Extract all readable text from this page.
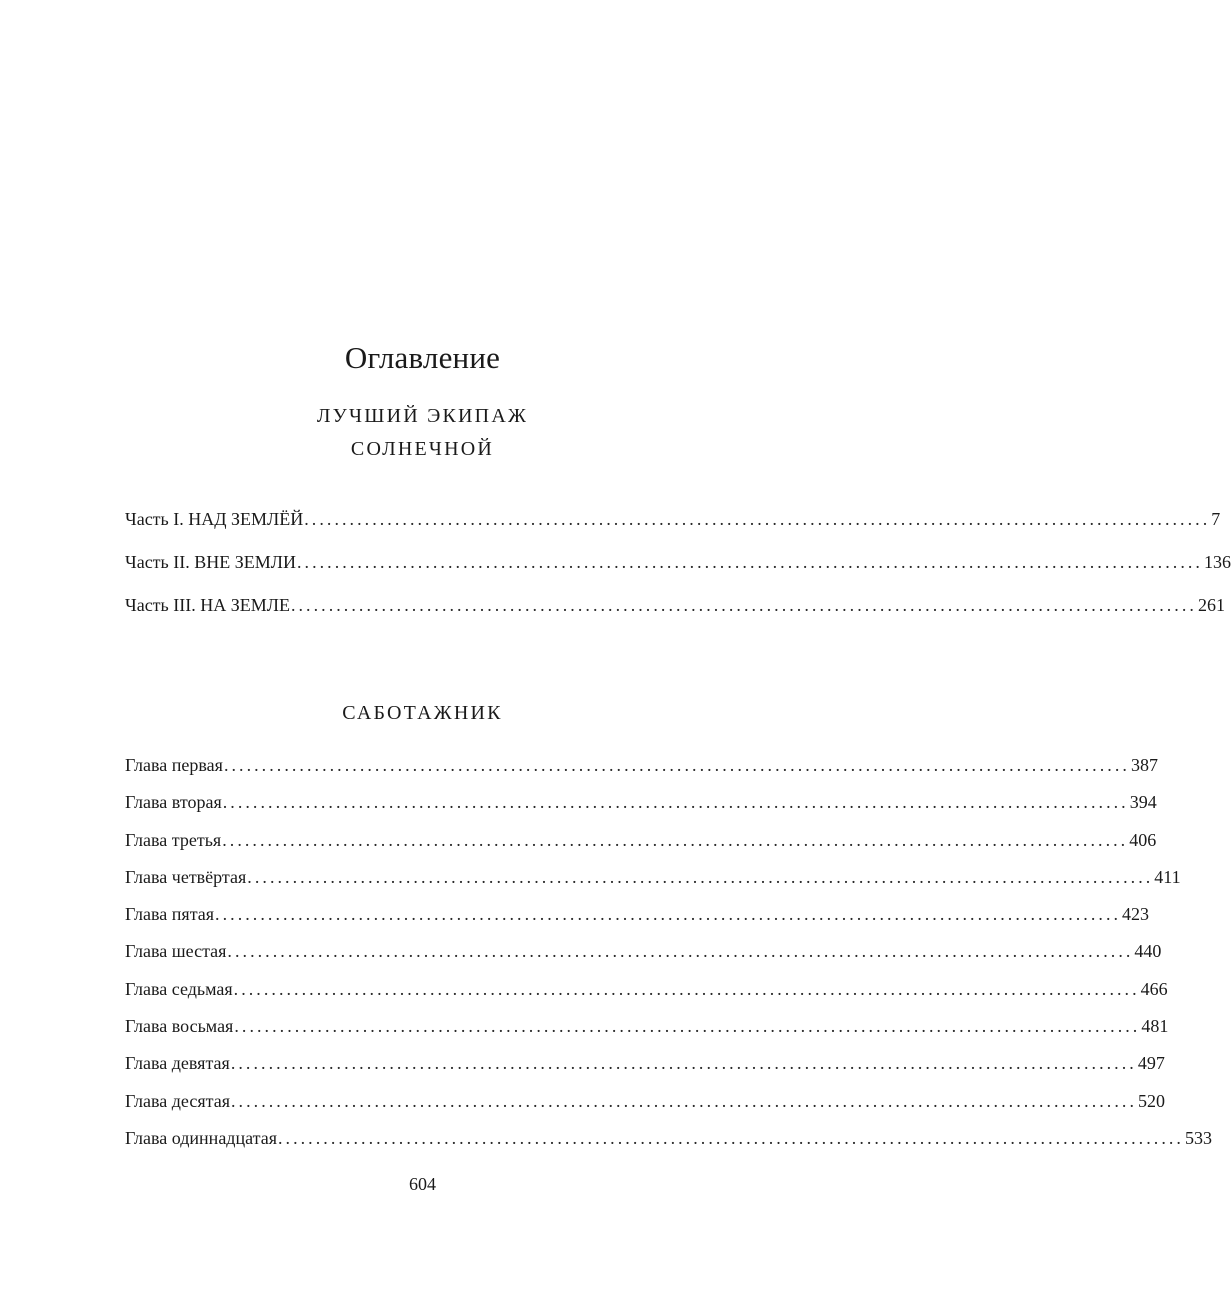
Оглавление
ЛУЧШИЙ ЭКИПАЖ
СОЛНЕЧНОЙ
Часть I. НАД ЗЕМЛЁЙ ........................................................................................................................ 7
Часть II. ВНЕ ЗЕМЛИ ........................................................................................................................ 136
Часть III. НА ЗЕМЛЕ ........................................................................................................................ 261
САБОТАЖНИК
Глава первая ........................................................................................................................ 387
Глава вторая ........................................................................................................................ 394
Глава третья ........................................................................................................................ 406
Глава четвёртая ........................................................................................................................ 411
Глава пятая ........................................................................................................................ 423
Глава шестая ........................................................................................................................ 440
Глава седьмая ........................................................................................................................ 466
Глава восьмая ........................................................................................................................ 481
Глава девятая ........................................................................................................................ 497
Глава десятая ........................................................................................................................ 520
Глава одиннадцатая ........................................................................................................................ 533
604
